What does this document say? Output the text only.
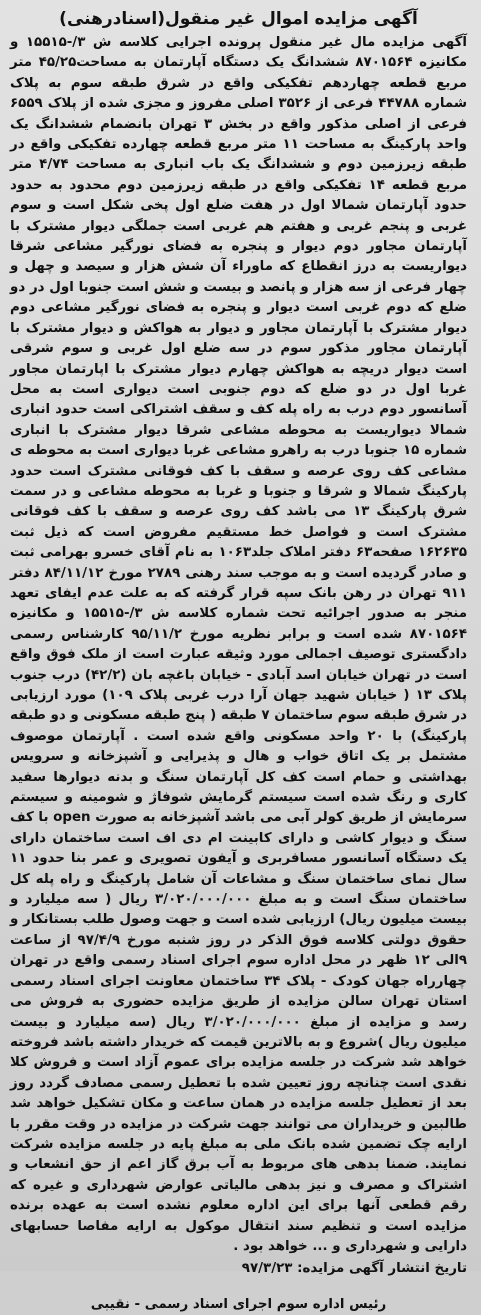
آگهی مزایده اموال غیر منقول(اسنادرهنی)

آگهی مزایده مال غیر منقول پرونده اجرایی کلاسه ش ۳/-۱۵۵۱۵ و مکانیزه ۸۷۰۱۵۶۴ ششدانگ یک دستگاه آپارتمان به مساحت۴۵/۲۵ متر مربع قطعه چهاردهم تفکیکی واقع در شرق طبقه سوم به پلاک شماره ۴۴۷۸۸ فرعی از ۳۵۲۶ اصلی مفروز و مجزی شده از پلاک ۶۵۵۹ فرعی از اصلی مذکور واقع در بخش ۳ تهران بانضمام ششدانگ یک واحد پارکینگ به مساحت ۱۱ متر مربع قطعه چهارده تفکیکی واقع در طبقه زیرزمین دوم و ششدانگ یک باب انباری به مساحت ۴/۷۴ متر مربع قطعه ۱۴ تفکیکی واقع در طبقه زیرزمین دوم محدود به حدود حدود آپارتمان شمالا اول در هفت ضلع اول پخی شکل است و سوم غربی و پنجم غربی و هفتم هم غربی است جملگی دیوار مشترک با آپارتمان مجاور دوم دیوار و پنجره به فضای نورگیر مشاعی شرقا دیواریست به درز انقطاع که ماوراء آن شش هزار و سیصد و چهل و چهار فرعی از سه هزار و پانصد و بیست و شش است جنوبا اول در دو ضلع که دوم غربی است دیوار و پنجره به فضای نورگیر مشاعی دوم دیوار مشترک با آپارتمان مجاور و دیوار به هواکش و دیوار مشترک با آپارتمان مجاور مذکور سوم در سه ضلع اول غربی و سوم شرقی است دیوار دریچه به هواکش چهارم دیوار مشترک با اپارتمان مجاور غربا اول در دو ضلع که دوم جنوبی است دیواری است به محل آسانسور دوم درب به راه پله کف و سقف اشتراکی است حدود انباری شمالا دیواریست به محوطه مشاعی شرقا دیوار مشترک با انباری شماره ۱۵ جنوبا درب به راهرو مشاعی غربا دیواری است به محوطه ی مشاعی کف روی عرصه و سقف با کف فوقانی مشترک است حدود پارکینگ شمالا و شرقا و جنوبا و غربا به محوطه مشاعی و در سمت شرق پارکینگ ۱۳ می باشد کف روی عرصه و سقف با کف فوقانی مشترک است و فواصل خط مستقیم مفروض است که ذیل ثبت ۱۶۲۶۳۵ صفحه۶۳ دفتر املاک جلد۱۰۶۳ به نام آقای خسرو بهرامی ثبت و صادر گردیده است و به موجب سند رهنی ۲۷۸۹ مورخ ۸۴/۱۱/۱۲ دفتر ۹۱۱ تهران در رهن بانک سپه قرار گرفته که به علت عدم ایفای تعهد منجر به صدور اجرائیه تحت شماره کلاسه ش ۳/-۱۵۵۱۵ و مکانیزه ۸۷۰۱۵۶۴ شده است و برابر نظریه مورخ ۹۵/۱۱/۲ کارشناس رسمی دادگستری توصیف اجمالی مورد وثیقه عبارت است از ملک فوق واقع است در تهران خیابان اسد آبادی - خیابان باغچه بان (۴۲/۲) درب جنوب پلاک ۱۳ ( خیابان شهید جهان آرا درب غربی پلاک ۱۰۹) مورد ارزیابی در شرق طبقه سوم ساختمان ۷ طبقه ( پنج طبقه مسکونی و دو طبقه پارکینگ) با ۲۰ واحد مسکونی واقع شده است . آپارتمان موصوف مشتمل بر یک اتاق خواب و هال و پذیرایی و آشپزخانه و سرویس بهداشتی و حمام است کف کل آپارتمان سنگ و بدنه دیوارها سفید کاری و رنگ شده است سیستم گرمایش شوفاژ و شومینه و سیستم سرمایش از طریق کولر آبی می باشد آشپزخانه به صورت open با کف سنگ و دیوار کاشی و دارای کابینت ام دی اف است ساختمان دارای یک دستگاه آسانسور مسافربری و آیفون تصویری و عمر بنا حدود ۱۱ سال نمای ساختمان سنگ و مشاعات آن شامل پارکینگ و راه پله کل ساختمان سنگ است و به مبلغ ۳/۰۲۰/۰۰۰/۰۰۰ ریال ( سه میلیارد و بیست میلیون ریال) ارزیابی شده است و جهت وصول طلب بستانکار و حقوق دولتی کلاسه فوق الذکر در روز شنبه مورخ ۹۷/۴/۹ از ساعت ۹الی ۱۲ ظهر در محل اداره سوم اجرای اسناد رسمی واقع در تهران چهارراه جهان کودک - پلاک ۳۴ ساختمان معاونت اجرای اسناد رسمی استان تهران سالن مزایده از طریق مزایده حضوری به فروش می رسد و مزایده از مبلغ ۳/۰۲۰/۰۰۰/۰۰۰ ریال (سه میلیارد و بیست میلیون ریال )شروع و به بالاترین قیمت که خریدار داشته باشد فروخته خواهد شد شرکت در جلسه مزایده برای عموم آزاد است و فروش کلا نقدی است چنانچه روز تعیین شده با تعطیل رسمی مصادف گردد روز بعد از تعطیل جلسه مزایده در همان ساعت و مکان تشکیل خواهد شد طالبین و خریداران می توانند جهت شرکت در مزایده در وقت مقرر با ارایه چک تضمین شده بانک ملی به مبلغ پایه در جلسه مزایده شرکت نمایند. ضمنا بدهی های مربوط به آب برق گاز اعم از حق انشعاب و اشتراک و مصرف و نیز بدهی مالیاتی عوارض شهرداری و غیره که رقم قطعی آنها برای این اداره معلوم نشده است به عهده برنده مزایده است و تنظیم سند انتقال موکول به ارایه مفاصا حسابهای دارایی و شهرداری و ... خواهد بود .

تاریخ انتشار آگهی مزایده: ۹۷/۳/۲۳
رئیس اداره سوم اجرای اسناد رسمی - نقیبی
